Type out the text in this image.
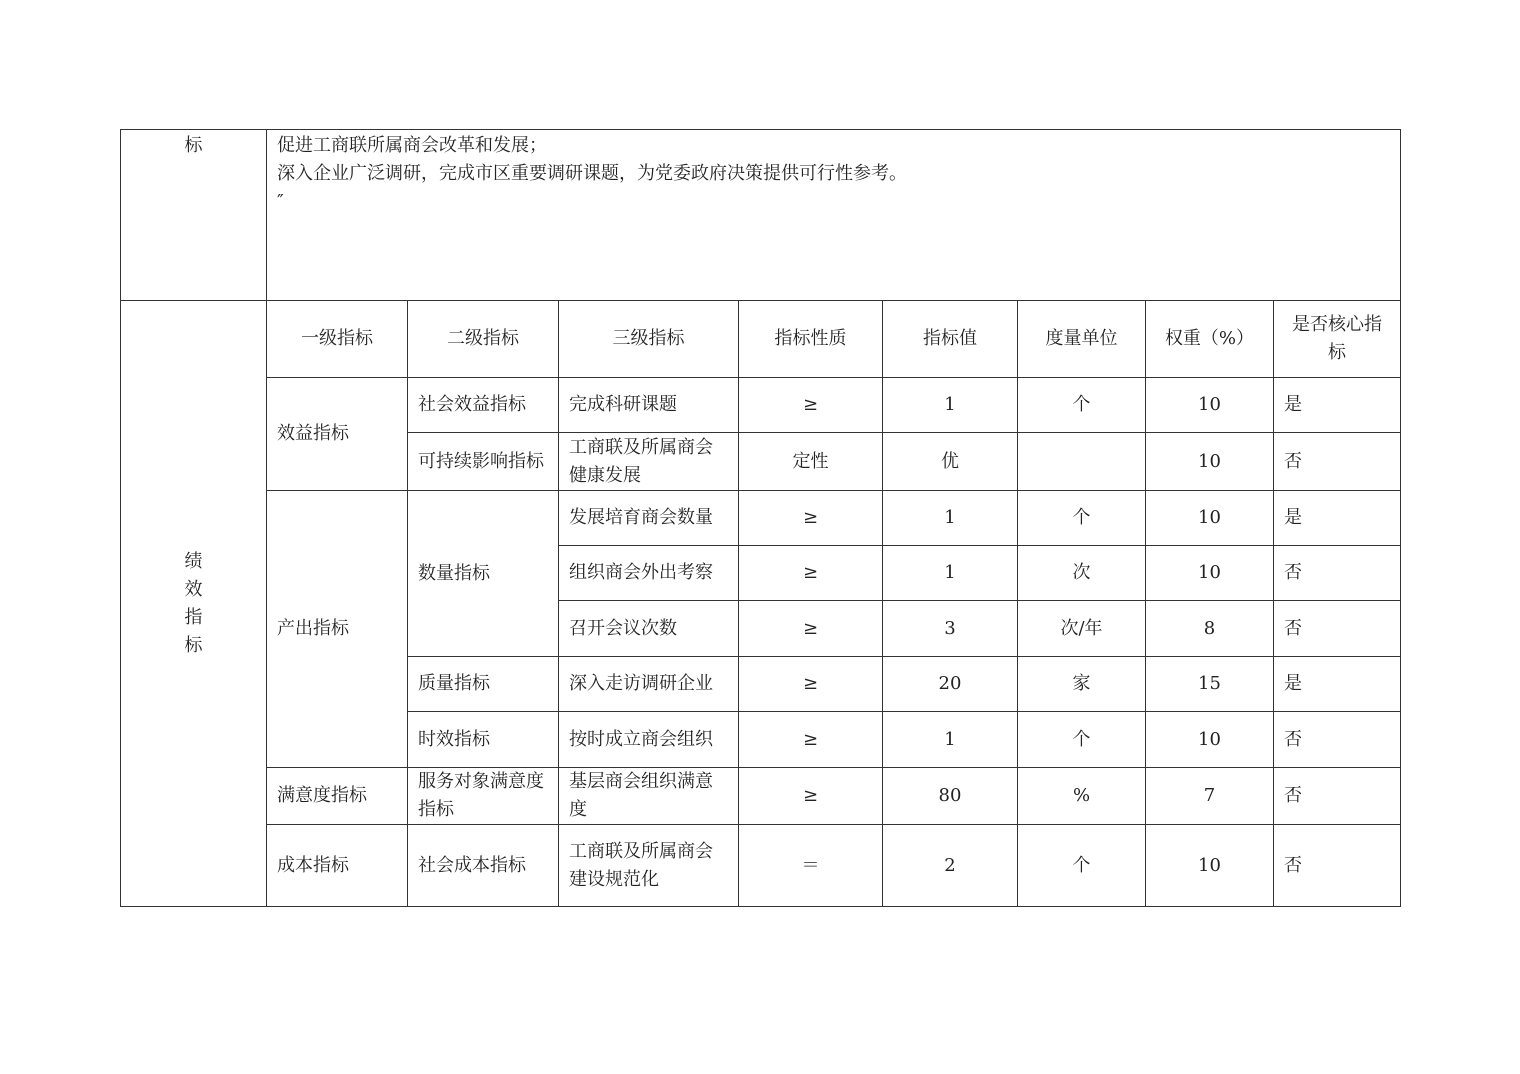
标	促进工商联所属商会改革和发展；
深入企业广泛调研，完成市区重要调研课题，为党委政府决策提供可行性参考。
″							

绩
效
指
标	一级指标	二级指标	三级指标	指标性质	指标值	度量单位	权重（%）	是否核心指标
	效益指标	社会效益指标	完成科研课题	≥	1	个	10	是
		可持续影响指标	工商联及所属商会健康发展	定性	优		10	否
	产出指标	数量指标	发展培育商会数量	≥	1	个	10	是
			组织商会外出考察	≥	1	次	10	否
			召开会议次数	≥	3	次/年	8	否
		质量指标	深入走访调研企业	≥	20	家	15	是
		时效指标	按时成立商会组织	≥	1	个	10	否
	满意度指标	服务对象满意度指标	基层商会组织满意度	≥	80	%	7	否
	成本指标	社会成本指标	工商联及所属商会建设规范化	＝	2	个	10	否
